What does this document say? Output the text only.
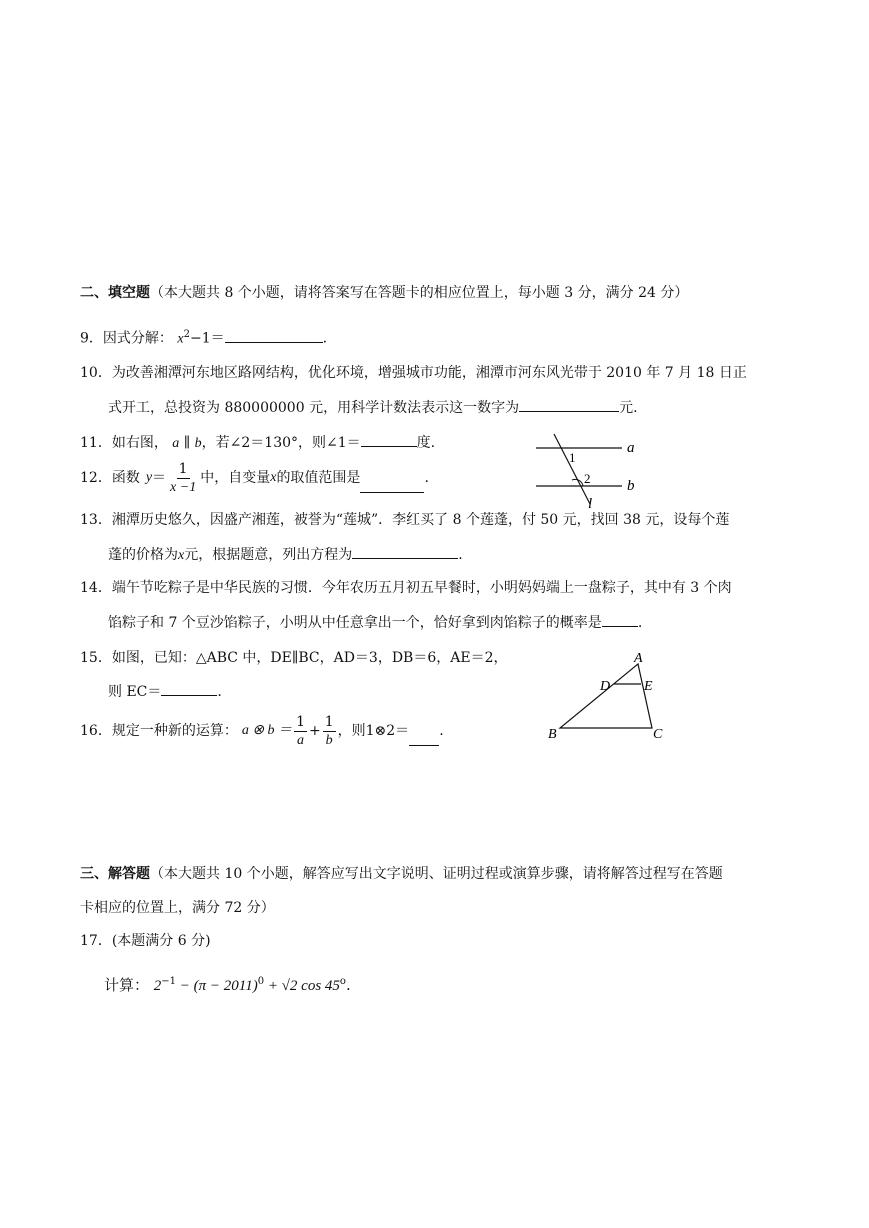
二、填空题（本大题共 8 个小题，请将答案写在答题卡的相应位置上，每小题 3 分，满分 24 分）
9．因式分解： $x^2-1=$	.
10．为改善湘潭河东地区路网结构，优化环境，增强城市功能，湘潭市河东风光带于 2010 年 7 月 18 日正
式开工，总投资为 880000000 元，用科学计数法表示这一数字为	元.
11．如右图， a ∥ b，若∠2＝130°，则∠1＝	度.
12． 函数 $y = \frac{1}{x -1}$ 中，自变量 x 的取值范围是	.
1
2
a
b
l
13．湘潭历史悠久，因盛产湘莲，被誉为“莲城”．李红买了 8 个莲蓬，付 50 元，找回 38 元，设每个莲
蓬的价格为x元，根据题意，列出方程为	.
14．端午节吃粽子是中华民族的习惯．今年农历五月初五早餐时，小明妈妈端上一盘粽子，其中有 3 个肉
馅粽子和 7 个豆沙馅粽子，小明从中任意拿出一个，恰好拿到肉馅粽子的概率是	.
15．如图，已知：△ABC 中，DE∥BC，AD＝3，DB＝6，AE＝2，
则 EC＝	.
A
D E
B	C
16． 规定一种新的运算： a ⊗ $b = \frac{1}{a} + \frac{1}{b}$ ，则 1⊗2＝ .
三、解答题（本大题共 10 个小题，解答应写出文字说明、证明过程或演算步骤，请将解答过程写在答题
卡相应的位置上，满分 72 分）
17．(本题满分 6 分)
计算： $2^{-1} - (\pi - 2011)^0 + √2$ cos 45$^o$.
